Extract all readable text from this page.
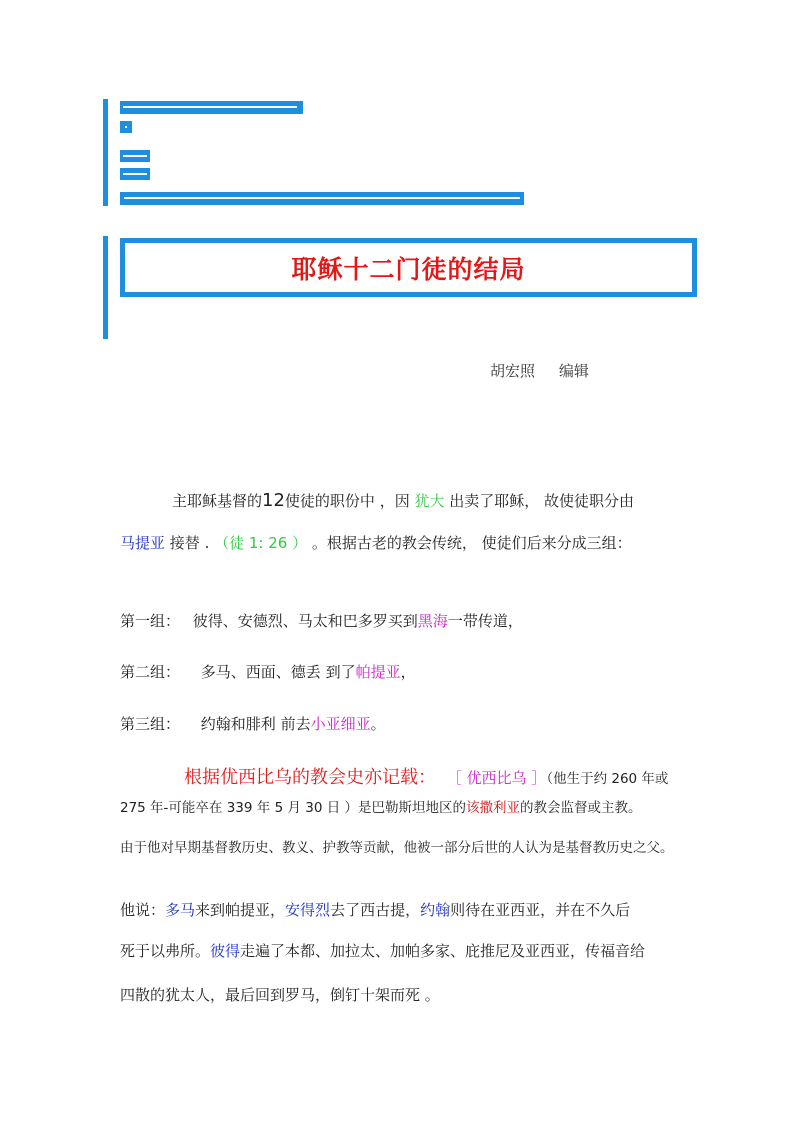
耶稣十二门徒的结局
胡宏照     编辑
主耶稣基督的12使徒的职份中 ，因 犹大 出卖了耶稣， 故使徒职分由
马提亚 接替 . （徒 1: 26 ） 。根据古老的教会传统， 使徒们后来分成三组：
第一组： 彼得、安德烈、马太和巴多罗买到黑海一带传道，
第二组： 多马、西面、德丢 到了帕提亚，
第三组： 约翰和腓利 前去小亚细亚。
根据优西比乌的教会史亦记载： ［ 优西比乌 ］（他生于约 260 年或
275 年-可能卒在 339 年 5 月 30 日 ）是巴勒斯坦地区的该撒利亚的教会监督或主教。
由于他对早期基督教历史、教义、护教等贡献，他被一部分后世的人认为是基督教历史之父。
他说：多马来到帕提亚，安得烈去了西古提，约翰则待在亚西亚，并在不久后
死于以弗所。彼得走遍了本都、加拉太、加帕多家、庇推尼及亚西亚，传福音给
四散的犹太人，最后回到罗马，倒钉十架而死 。
